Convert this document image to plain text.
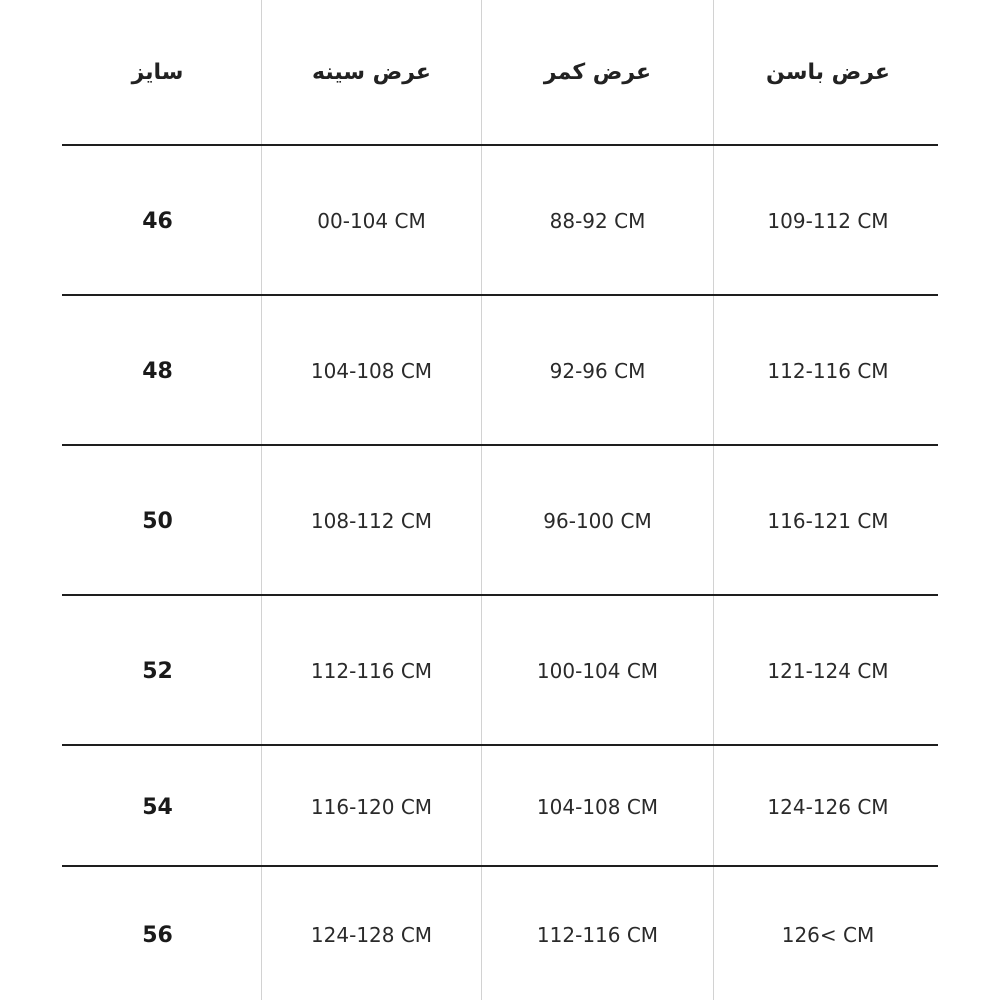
سایز	عرض سینه	عرض کمر	عرض باسن
46	00-104 CM	88-92 CM	109-112 CM
48	104-108 CM	92-96 CM	112-116 CM
50	108-112 CM	96-100 CM	116-121 CM
52	112-116 CM	100-104 CM	121-124 CM
54	116-120 CM	104-108 CM	124-126 CM
56	124-128 CM	112-116 CM	126< CM
